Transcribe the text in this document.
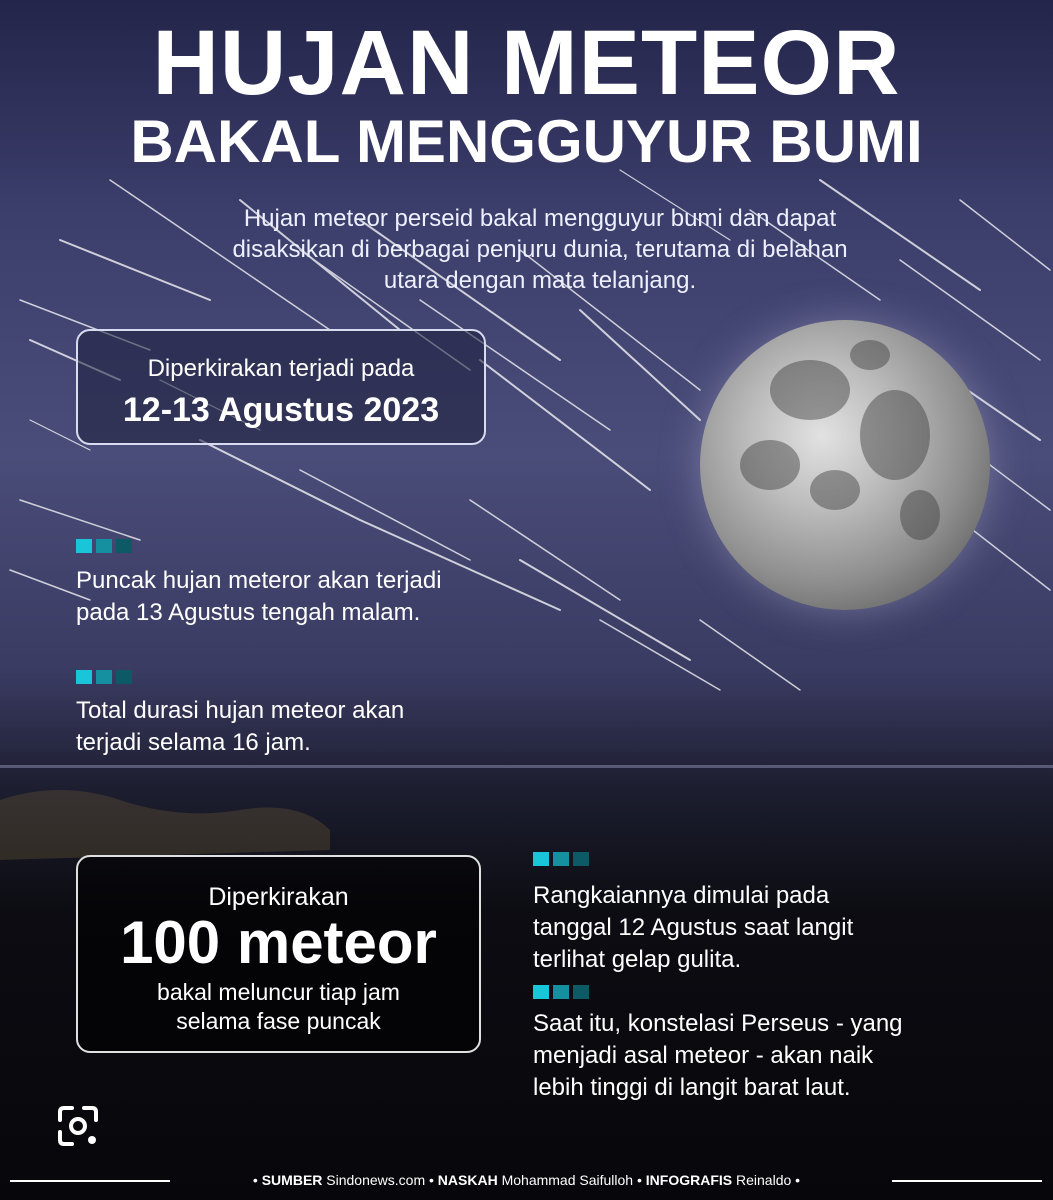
HUJAN METEOR
BAKAL MENGGUYUR BUMI
Hujan meteor perseid bakal mengguyur bumi dan dapat
disaksikan di berbagai penjuru dunia, terutama di belahan
utara dengan mata telanjang.
Diperkirakan terjadi pada
12-13 Agustus 2023
Puncak hujan meteror akan terjadi
pada 13 Agustus tengah malam.
Total durasi hujan meteor akan
terjadi selama 16 jam.
Diperkirakan
100 meteor
bakal meluncur tiap jam
selama fase puncak
Rangkaiannya dimulai pada
tanggal 12 Agustus saat langit
terlihat gelap gulita.
Saat itu, konstelasi Perseus - yang
menjadi asal meteor - akan naik
lebih tinggi di langit barat laut.
• SUMBER Sindonews.com • NASKAH Mohammad Saifulloh • INFOGRAFIS Reinaldo •
